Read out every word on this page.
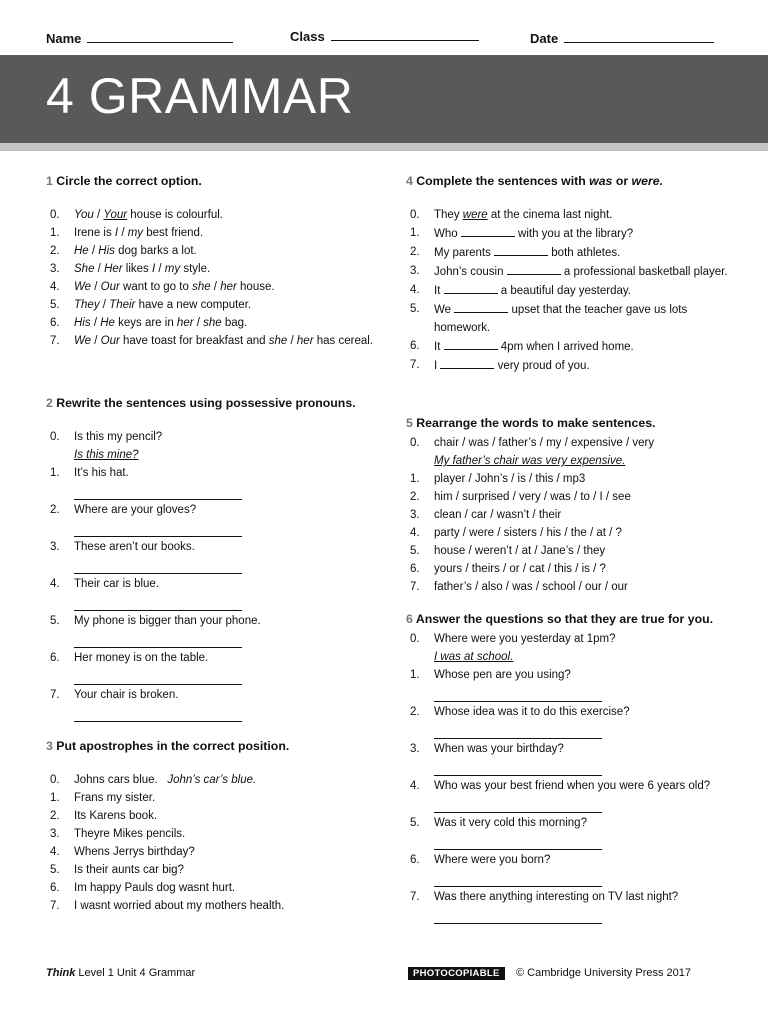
Name	Class	Date
4 GRAMMAR
1 Circle the correct option.
0. You / Your house is colourful.
1. Irene is I / my best friend.
2. He / His dog barks a lot.
3. She / Her likes I / my style.
4. We / Our want to go to she / her house.
5. They / Their have a new computer.
6. His / He keys are in her / she bag.
7. We / Our have toast for breakfast and she / her has cereal.
2 Rewrite the sentences using possessive pronouns.
0. Is this my pencil?
Is this mine?
1. It’s his hat.
2. Where are your gloves?
3. These aren’t our books.
4. Their car is blue.
5. My phone is bigger than your phone.
6. Her money is on the table.
7. Your chair is broken.
3 Put apostrophes in the correct position.
0. Johns cars blue.   John’s car’s blue.
1. Frans my sister.
2. Its Karens book.
3. Theyre Mikes pencils.
4. Whens Jerrys birthday?
5. Is their aunts car big?
6. Im happy Pauls dog wasnt hurt.
7. I wasnt worried about my mothers health.
4 Complete the sentences with was or were.
0. They were at the cinema last night.
1. Who	with you at the library?
2. My parents	both athletes.
3. John’s cousin	a professional basketball player.
4. It	a beautiful day yesterday.
5. We	upset that the teacher gave us lots homework.
6. It	4pm when I arrived home.
7. I	very proud of you.
5 Rearrange the words to make sentences.
0. chair / was / father’s / my / expensive / very
My father’s chair was very expensive.
1. player / John’s / is / this / mp3
2. him / surprised / very / was / to / I / see
3. clean / car / wasn’t / their
4. party / were / sisters / his / the / at / ?
5. house / weren’t / at / Jane’s / they
6. yours / theirs / or / cat / this / is / ?
7. father’s / also / was / school / our / our
6 Answer the questions so that they are true for you.
0. Where were you yesterday at 1pm?
I was at school.
1. Whose pen are you using?
2. Whose idea was it to do this exercise?
3. When was your birthday?
4. Who was your best friend when you were 6 years old?
5. Was it very cold this morning?
6. Where were you born?
7. Was there anything interesting on TV last night?
Think Level 1 Unit 4 Grammar	PHOTOCOPIABLE	© Cambridge University Press 2017
